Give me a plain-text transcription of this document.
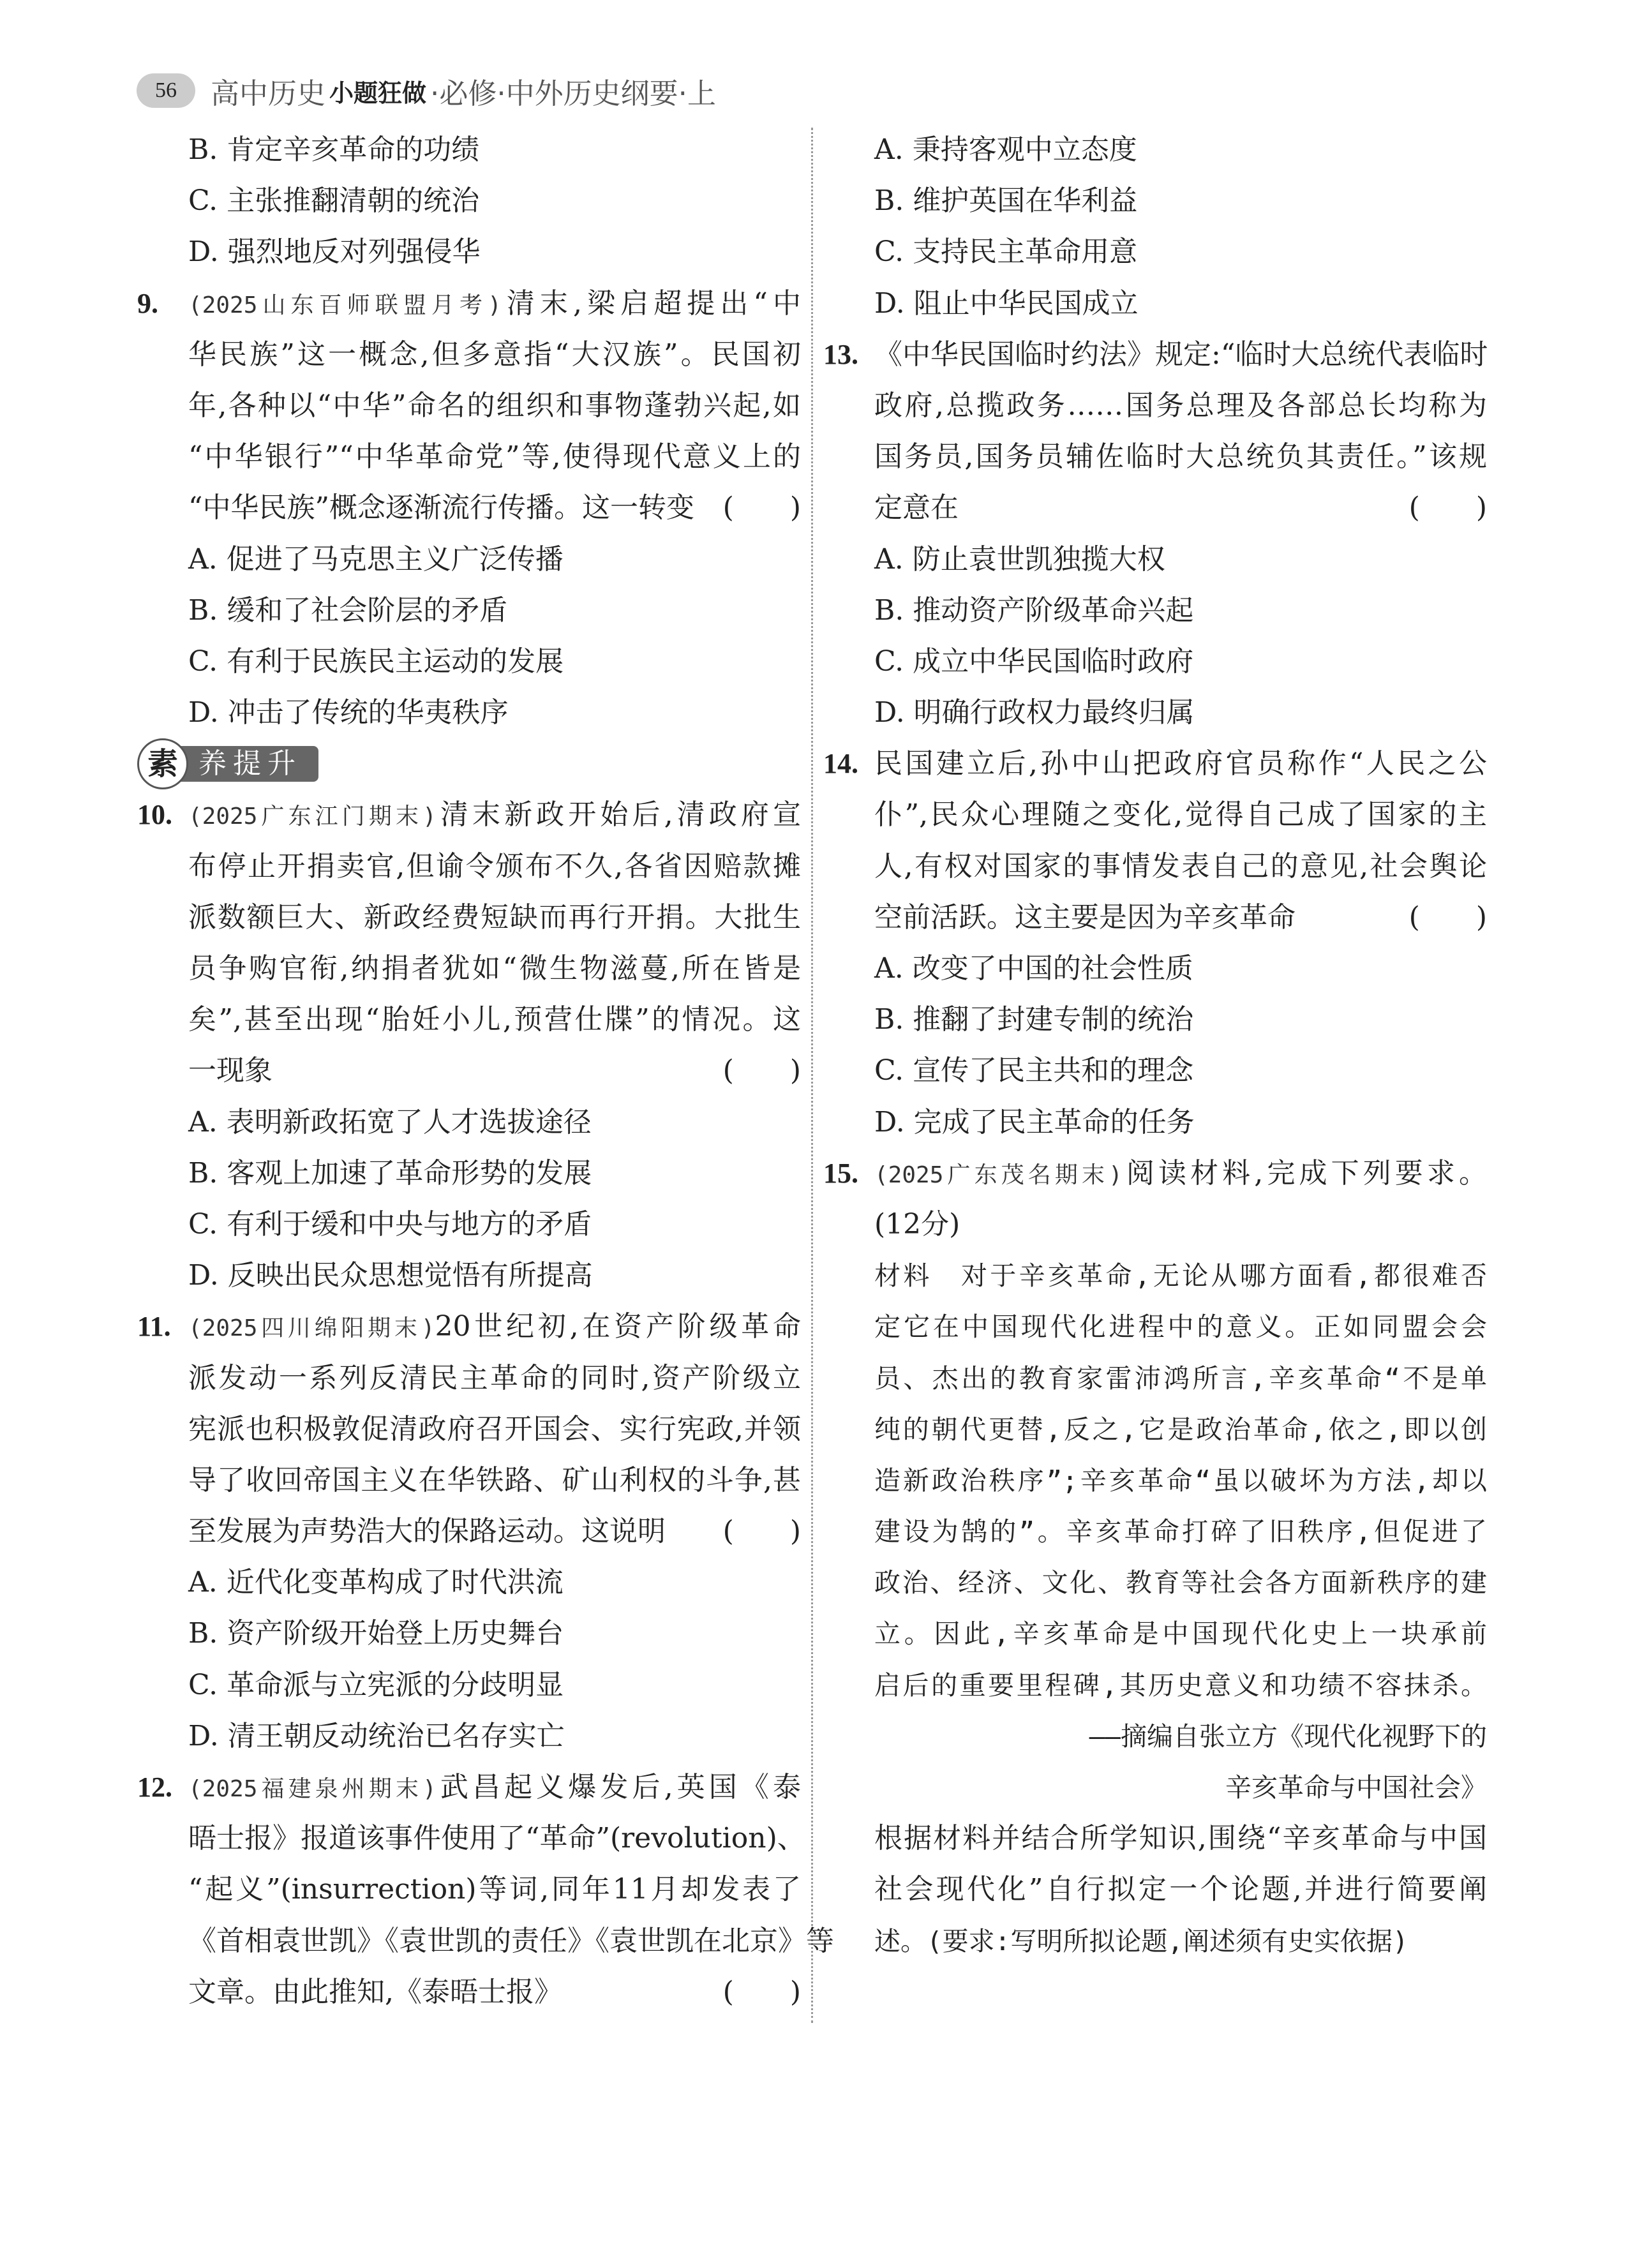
56	高中历史 小题狂做 ·必修·中外历史纲要·上
B. 肯定辛亥革命的功绩
C. 主张推翻清朝的统治
D. 强烈地反对列强侵华
9.	(2025山东百师联盟月考)清末,梁启超提出“中
华民族”这一概念,但多意指“大汉族”。民国初
年,各种以“中华”命名的组织和事物蓬勃兴起,如
“中华银行”“中华革命党”等,使得现代意义上的
“中华民族”概念逐渐流行传播。这一转变	(　　)
A. 促进了马克思主义广泛传播
B. 缓和了社会阶层的矛盾
C. 有利于民族民主运动的发展
D. 冲击了传统的华夷秩序
素 养提升
10. (2025广东江门期末)清末新政开始后,清政府宣
布停止开捐卖官,但谕令颁布不久,各省因赔款摊
派数额巨大、新政经费短缺而再行开捐。大批生
员争购官衔,纳捐者犹如“微生物滋蔓,所在皆是
矣”,甚至出现“胎妊小儿,预营仕牒”的情况。这
一现象	(　　)
A. 表明新政拓宽了人才选拔途径
B. 客观上加速了革命形势的发展
C. 有利于缓和中央与地方的矛盾
D. 反映出民众思想觉悟有所提高
11. (2025四川绵阳期末)20世纪初,在资产阶级革命
派发动一系列反清民主革命的同时,资产阶级立
宪派也积极敦促清政府召开国会、实行宪政,并领
导了收回帝国主义在华铁路、矿山利权的斗争,甚
至发展为声势浩大的保路运动。这说明	(　　)
A. 近代化变革构成了时代洪流
B. 资产阶级开始登上历史舞台
C. 革命派与立宪派的分歧明显
D. 清王朝反动统治已名存实亡
12. (2025福建泉州期末)武昌起义爆发后,英国《泰
晤士报》报道该事件使用了“革命”(revolution)、
“起义”(insurrection)等词,同年11月却发表了
《首相袁世凯》《袁世凯的责任》《袁世凯在北京》等
文章。由此推知,《泰晤士报》	(　　)
A. 秉持客观中立态度
B. 维护英国在华利益
C. 支持民主革命用意
D. 阻止中华民国成立
13. 《中华民国临时约法》规定:“临时大总统代表临时
政府,总揽政务……国务总理及各部总长均称为
国务员,国务员辅佐临时大总统负其责任。”该规
定意在	(　　)
A. 防止袁世凯独揽大权
B. 推动资产阶级革命兴起
C. 成立中华民国临时政府
D. 明确行政权力最终归属
14. 民国建立后,孙中山把政府官员称作“人民之公
仆”,民众心理随之变化,觉得自己成了国家的主
人,有权对国家的事情发表自己的意见,社会舆论
空前活跃。这主要是因为辛亥革命	(　　)
A. 改变了中国的社会性质
B. 推翻了封建专制的统治
C. 宣传了民主共和的理念
D. 完成了民主革命的任务
15. (2025广东茂名期末)阅读材料,完成下列要求。
(12分)
材料　对于辛亥革命,无论从哪方面看,都很难否
定它在中国现代化进程中的意义。正如同盟会会
员、杰出的教育家雷沛鸿所言,辛亥革命“不是单
纯的朝代更替,反之,它是政治革命,依之,即以创
造新政治秩序”;辛亥革命“虽以破坏为方法,却以
建设为鹄的”。辛亥革命打碎了旧秩序,但促进了
政治、经济、文化、教育等社会各方面新秩序的建
立。因此,辛亥革命是中国现代化史上一块承前
启后的重要里程碑,其历史意义和功绩不容抹杀。
——摘编自张立方《现代化视野下的
辛亥革命与中国社会》
根据材料并结合所学知识,围绕“辛亥革命与中国
社会现代化”自行拟定一个论题,并进行简要阐
述。(要求:写明所拟论题,阐述须有史实依据)
